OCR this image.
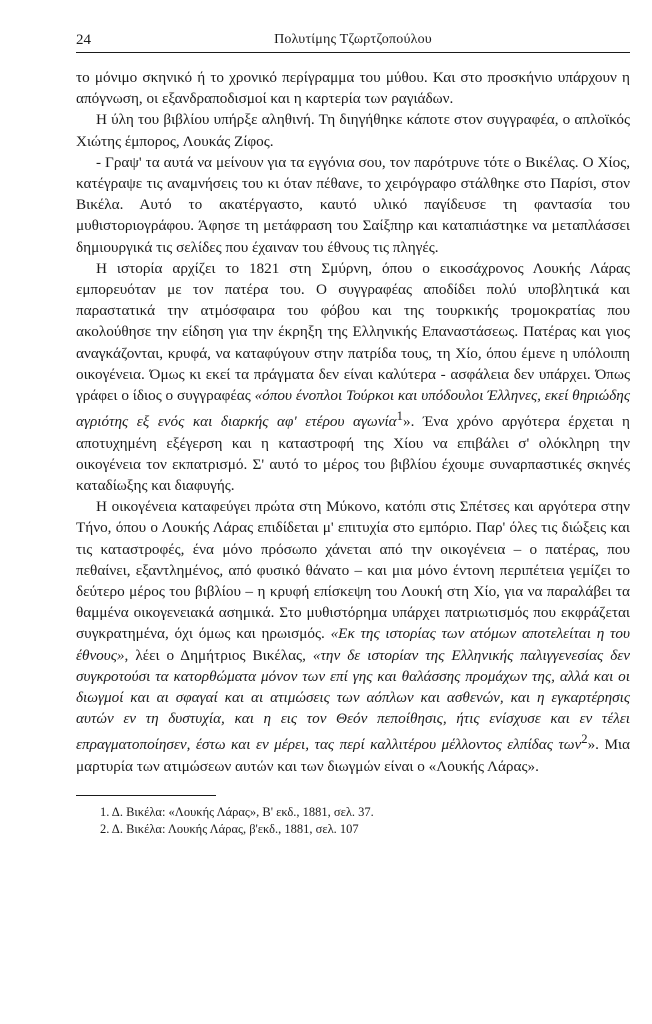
24	Πολυτίμης Τζωρτζοπούλου

το μόνιμο σκηνικό ή το χρονικό περίγραμμα του μύθου. Και στο προσκήνιο υπάρχουν η απόγνωση, οι εξανδραποδισμοί και η καρτερία των ραγιάδων.

Η ύλη του βιβλίου υπήρξε αληθινή. Τη διηγήθηκε κάποτε στον συγγραφέα, ο απλοϊκός Χιώτης έμπορος, Λουκάς Ζίφος.

- Γραψ' τα αυτά να μείνουν για τα εγγόνια σου, τον παρότρυνε τότε ο Βικέλας. Ο Χίος, κατέγραψε τις αναμνήσεις του κι όταν πέθανε, το χειρόγραφο στάλθηκε στο Παρίσι, στον Βικέλα. Αυτό το ακατέργαστο, καυτό υλικό παγίδευσε τη φαντασία του μυθιστοριογράφου. Άφησε τη μετάφραση του Σαίξπηρ και καταπιάστηκε να μεταπλάσσει δημιουργικά τις σελίδες που έχαιναν του έθνους τις πληγές.

Η ιστορία αρχίζει το 1821 στη Σμύρνη, όπου ο εικοσάχρονος Λουκής Λάρας εμπορευόταν με τον πατέρα του. Ο συγγραφέας αποδίδει πολύ υποβλητικά και παραστατικά την ατμόσφαιρα του φόβου και της τουρκικής τρομοκρατίας που ακολούθησε την είδηση για την έκρηξη της Ελληνικής Επαναστάσεως. Πατέρας και γιος αναγκάζονται, κρυφά, να καταφύγουν στην πατρίδα τους, τη Χίο, όπου έμενε η υπόλοιπη οικογένεια. Όμως κι εκεί τα πράγματα δεν είναι καλύτερα - ασφάλεια δεν υπάρχει. Όπως γράφει ο ίδιος ο συγγραφέας «όπου ένοπλοι Τούρκοι και υπόδουλοι Έλληνες, εκεί θηριώδης αγριότης εξ ενός και διαρκής αφ' ετέρου αγωνία$^1$». Ένα χρόνο αργότερα έρχεται η αποτυχημένη εξέγερση και η καταστροφή της Χίου να επιβάλει σ' ολόκληρη την οικογένεια τον εκπατρισμό. Σ' αυτό το μέρος του βιβλίου έχουμε συναρπαστικές σκηνές καταδίωξης και διαφυγής.

Η οικογένεια καταφεύγει πρώτα στη Μύκονο, κατόπι στις Σπέτσες και αργότερα στην Τήνο, όπου ο Λουκής Λάρας επιδίδεται μ' επιτυχία στο εμπόριο. Παρ' όλες τις διώξεις και τις καταστροφές, ένα μόνο πρόσωπο χάνεται από την οικογένεια – ο πατέρας, που πεθαίνει, εξαντλημένος, από φυσικό θάνατο – και μια μόνο έντονη περιπέτεια γεμίζει το δεύτερο μέρος του βιβλίου – η κρυφή επίσκεψη του Λουκή στη Χίο, για να παραλάβει τα θαμμένα οικογενειακά ασημικά. Στο μυθιστόρημα υπάρχει πατριωτισμός που εκφράζεται συγκρατημένα, όχι όμως και ηρωισμός. «Εκ της ιστορίας των ατόμων αποτελείται η του έθνους», λέει ο Δημήτριος Βικέλας, «την δε ιστορίαν της Ελληνικής παλιγγενεσίας δεν συγκροτούσι τα κατορθώματα μόνον των επί γης και θαλάσσης προμάχων της, αλλά και οι διωγμοί και αι σφαγαί και αι ατιμώσεις των αόπλων και ασθενών, και η εγκαρτέρησις αυτών εν τη δυστυχία, και η εις τον Θεόν πεποίθησις, ήτις ενίσχυσε και εν τέλει επραγματοποίησεν, έστω και εν μέρει, τας περί καλλιτέρου μέλλοντος ελπίδας των$^2$». Μια μαρτυρία των ατιμώσεων αυτών και των διωγμών είναι ο «Λουκής Λάρας».

1. Δ. Βικέλα: «Λουκής Λάρας», Β' εκδ., 1881, σελ. 37.
2. Δ. Βικέλα: Λουκής Λάρας, β'εκδ., 1881, σελ. 107
